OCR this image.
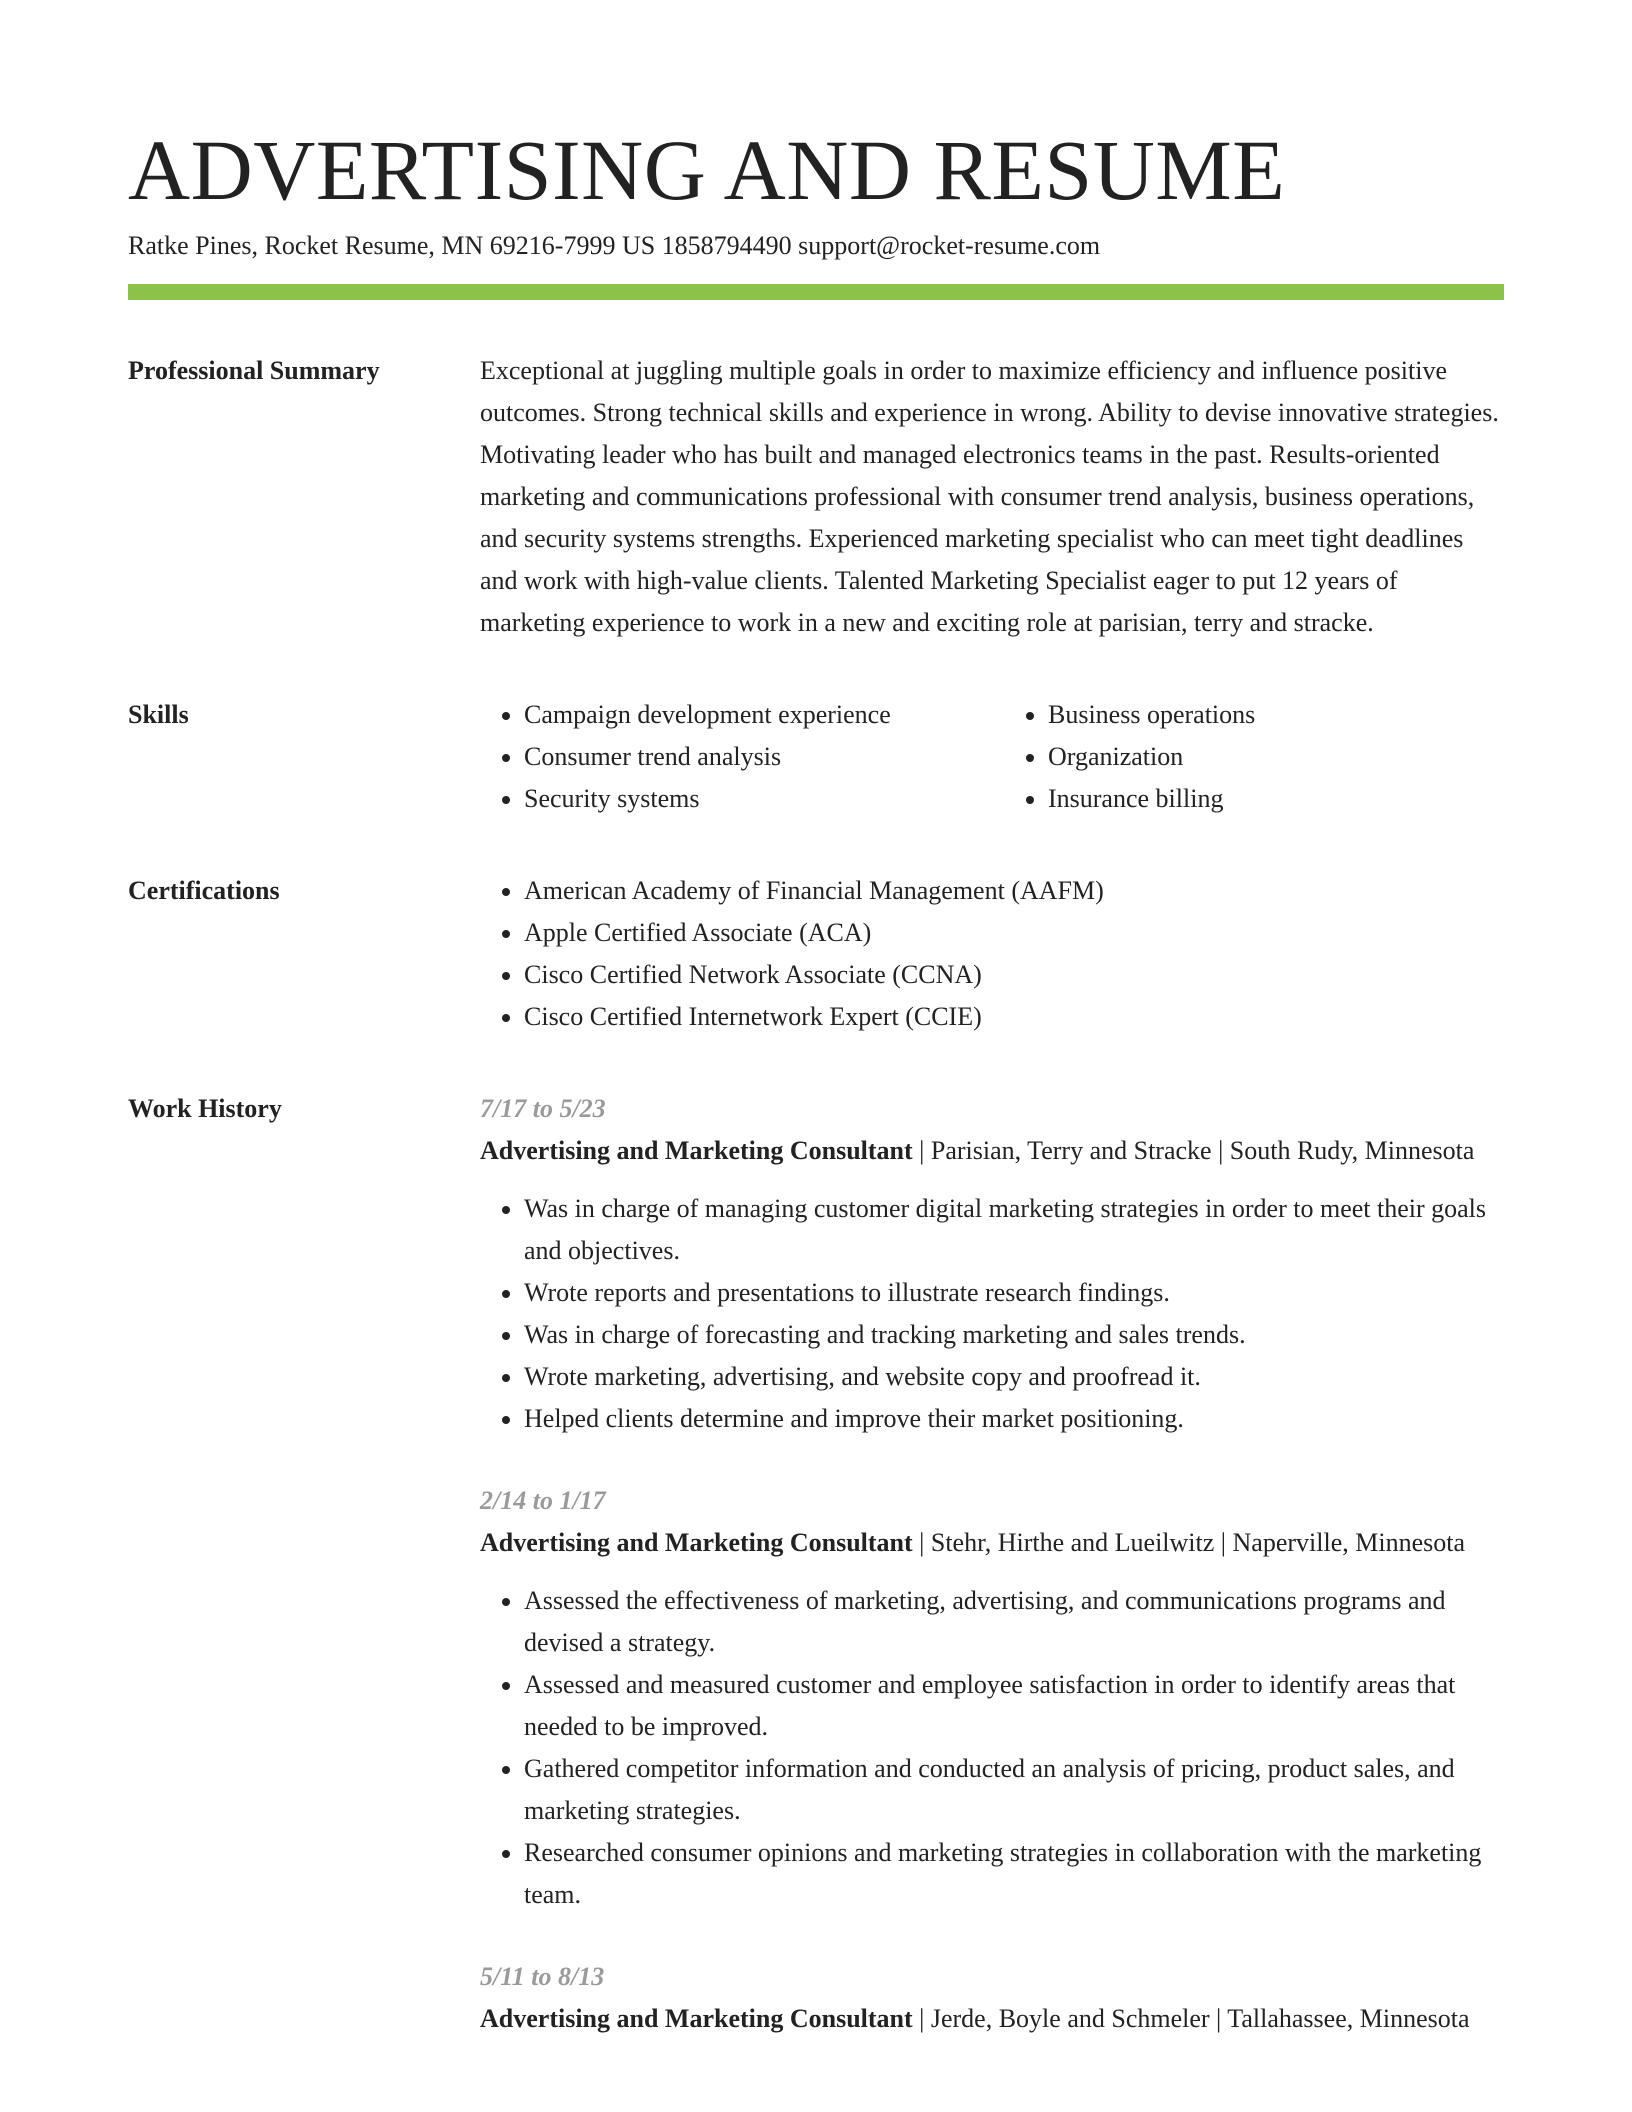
ADVERTISING AND RESUME
Ratke Pines, Rocket Resume, MN 69216-7999 US 1858794490 support@rocket-resume.com
Professional Summary	Exceptional at juggling multiple goals in order to maximize efficiency and influence positive outcomes. Strong technical skills and experience in wrong. Ability to devise innovative strategies. Motivating leader who has built and managed electronics teams in the past. Results-oriented marketing and communications professional with consumer trend analysis, business operations, and security systems strengths. Experienced marketing specialist who can meet tight deadlines and work with high-value clients. Talented Marketing Specialist eager to put 12 years of marketing experience to work in a new and exciting role at parisian, terry and stracke.

Skills	• Campaign development experience
• Consumer trend analysis
• Security systems
• Business operations
• Organization
• Insurance billing
Certifications	• American Academy of Financial Management (AAFM)
• Apple Certified Associate (ACA)
• Cisco Certified Network Associate (CCNA)
• Cisco Certified Internetwork Expert (CCIE)
Work History	7/17 to 5/23
Advertising and Marketing Consultant | Parisian, Terry and Stracke | South Rudy, Minnesota
• Was in charge of managing customer digital marketing strategies in order to meet their goals and objectives.
• Wrote reports and presentations to illustrate research findings.
• Was in charge of forecasting and tracking marketing and sales trends.
• Wrote marketing, advertising, and website copy and proofread it.
• Helped clients determine and improve their market positioning.
2/14 to 1/17
Advertising and Marketing Consultant | Stehr, Hirthe and Lueilwitz | Naperville, Minnesota
• Assessed the effectiveness of marketing, advertising, and communications programs and devised a strategy.
• Assessed and measured customer and employee satisfaction in order to identify areas that needed to be improved.
• Gathered competitor information and conducted an analysis of pricing, product sales, and marketing strategies.
• Researched consumer opinions and marketing strategies in collaboration with the marketing team.
5/11 to 8/13
Advertising and Marketing Consultant | Jerde, Boyle and Schmeler | Tallahassee, Minnesota
